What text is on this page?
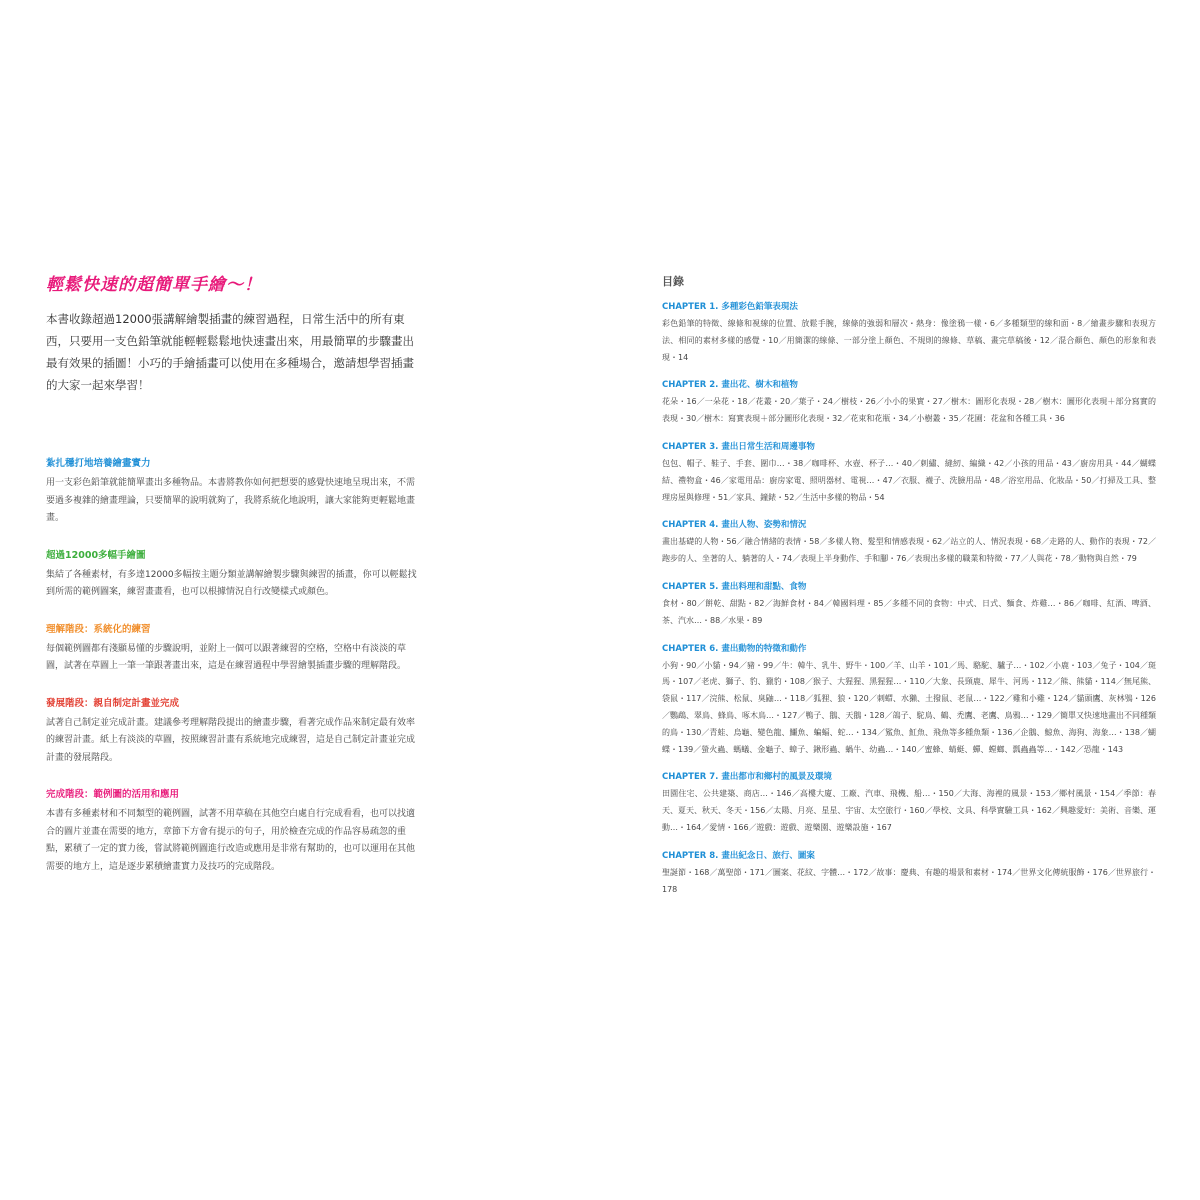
輕鬆快速的超簡單手繪～！

本書收錄超過12000張講解繪製插畫的練習過程，日常生活中的所有東西，只要用一支色鉛筆就能輕輕鬆鬆地快速畫出來，用最簡單的步驟畫出最有效果的插圖！小巧的手繪插畫可以使用在多種場合，邀請想學習插畫的大家一起來學習！

紮扎穩打地培養繪畫實力

用一支彩色鉛筆就能簡單畫出多種物品。本書將教你如何把想要的感覺快速地呈現出來，不需要過多複雜的繪畫理論，只要簡單的說明就夠了，我將系統化地說明，讓大家能夠更輕鬆地畫畫。

超過12000多幅手繪圖

集結了各種素材，有多達12000多幅按主題分類並講解繪製步驟與練習的插畫，你可以輕鬆找到所需的範例圖案，練習畫畫看，也可以根據情況自行改變樣式或顏色。

理解階段：系統化的練習

每個範例圖都有淺顯易懂的步驟說明，並附上一個可以跟著練習的空格，空格中有淡淡的草圖，試著在草圖上一筆一筆跟著畫出來，這是在練習過程中學習繪製插畫步驟的理解階段。

發展階段：親自制定計畫並完成

試著自己制定並完成計畫。建議參考理解階段提出的繪畫步驟，看著完成作品來制定最有效率的練習計畫。紙上有淡淡的草圖，按照練習計畫有系統地完成練習，這是自己制定計畫並完成計畫的發展階段。

完成階段：範例圖的活用和應用

本書有多種素材和不同類型的範例圖，試著不用草稿在其他空白處自行完成看看，也可以找適合的圖片並畫在需要的地方，章節下方會有提示的句子，用於檢查完成的作品容易疏忽的重點，累積了一定的實力後，嘗試將範例圖進行改造或應用是非常有幫助的，也可以運用在其他需要的地方上，這是逐步累積繪畫實力及技巧的完成階段。

目錄
CHAPTER 1. 多種彩色鉛筆表現法

彩色鉛筆的特徵、線條和視線的位置、放鬆手腕，線條的強弱和層次・熱身：像塗鴉一樣・6／多種類型的線和面・8／繪畫步驟和表現方法、相同的素材多樣的感覺・10／用簡潔的線條、一部分塗上顏色、不規則的線條、草稿、畫完草稿後・12／混合顏色、顏色的形象和表現・14

CHAPTER 2. 畫出花、樹木和植物

花朵・16／一朵花・18／花叢・20／葉子・24／樹枝・26／小小的果實・27／樹木：圖形化表現・28／樹木：圖形化表現＋部分寫實的表現・30／樹木：寫實表現＋部分圖形化表現・32／花束和花瓶・34／小樹叢・35／花圃：花盆和各種工具・36

CHAPTER 3. 畫出日常生活和周邊事物

包包、帽子、鞋子、手套、圍巾…・38／咖啡杯、水壺、杯子…・40／刺繡、縫紉、編織・42／小孩的用品・43／廚房用具・44／蝴蝶結、禮物盒・46／家電用品：廚房家電、照明器材、電視…・47／衣服、襪子、洗臉用品・48／浴室用品、化妝品・50／打掃及工具、整理房屋與修理・51／家具、鐘錶・52／生活中多樣的物品・54

CHAPTER 4. 畫出人物、姿勢和情況

畫出基礎的人物・56／融合情緒的表情・58／多樣人物、髮型和情感表現・62／站立的人、情況表現・68／走路的人、動作的表現・72／跑步的人、坐著的人、躺著的人・74／表現上半身動作、手和腳・76／表現出多樣的職業和特徵・77／人與花・78／動物與自然・79

CHAPTER 5. 畫出料理和甜點、食物

食材・80／餅乾、甜點・82／海鮮食材・84／韓國料理・85／多種不同的食物：中式、日式、麵食、炸雞…・86／咖啡、紅酒、啤酒、茶、汽水…・88／水果・89

CHAPTER 6. 畫出動物的特徵和動作

小狗・90／小貓・94／豬・99／牛：韓牛、乳牛、野牛・100／羊、山羊・101／馬、駱駝、驢子…・102／小鹿・103／兔子・104／斑馬・107／老虎、獅子、豹、獵豹・108／猴子、大猩猩、黑猩猩…・110／大象、長頸鹿、犀牛、河馬・112／熊、熊貓・114／無尾熊、袋鼠・117／浣熊、松鼠、臭鼬…・118／狐狸、狼・120／刺蝟、水獺、土撥鼠、老鼠…・122／雞和小雞・124／貓頭鷹、灰林鴞・126／鸚鵡、翠鳥、蜂鳥、啄木鳥…・127／鴨子、鵝、天鵝・128／鴿子、駝鳥、鶴、禿鷹、老鷹、鳥鴉…・129／簡單又快速地畫出不同種類的鳥・130／青蛙、烏龜、變色龍、鱷魚、蝙蝠、蛇…・134／鯊魚、魟魚、飛魚等多種魚類・136／企鵝、鯨魚、海狗、海象…・138／蝴蝶・139／螢火蟲、螞蟻、金龜子、蟑子、鍬形蟲、蝸牛、幼蟲…・140／蜜蜂、蜻蜓、蟬、螳螂、瓢蟲蟲等…・142／恐龍・143

CHAPTER 7. 畫出都市和鄉村的風景及環境

田園住宅、公共建築、商店…・146／高樓大廈、工廠、汽車、飛機、船…・150／大海、海裡的風景・153／鄉村風景・154／季節：春天、夏天、秋天、冬天・156／太陽、月亮、星星、宇宙、太空旅行・160／學校、文具、科學實驗工具・162／興趣愛好：美術、音樂、運動…・164／愛情・166／遊戲：遊戲、遊樂園、遊樂設施・167

CHAPTER 8. 畫出紀念日、旅行、圖案

聖誕節・168／萬聖節・171／圖案、花紋、字體…・172／故事：慶典、有趣的場景和素材・174／世界文化傳統服飾・176／世界旅行・178
